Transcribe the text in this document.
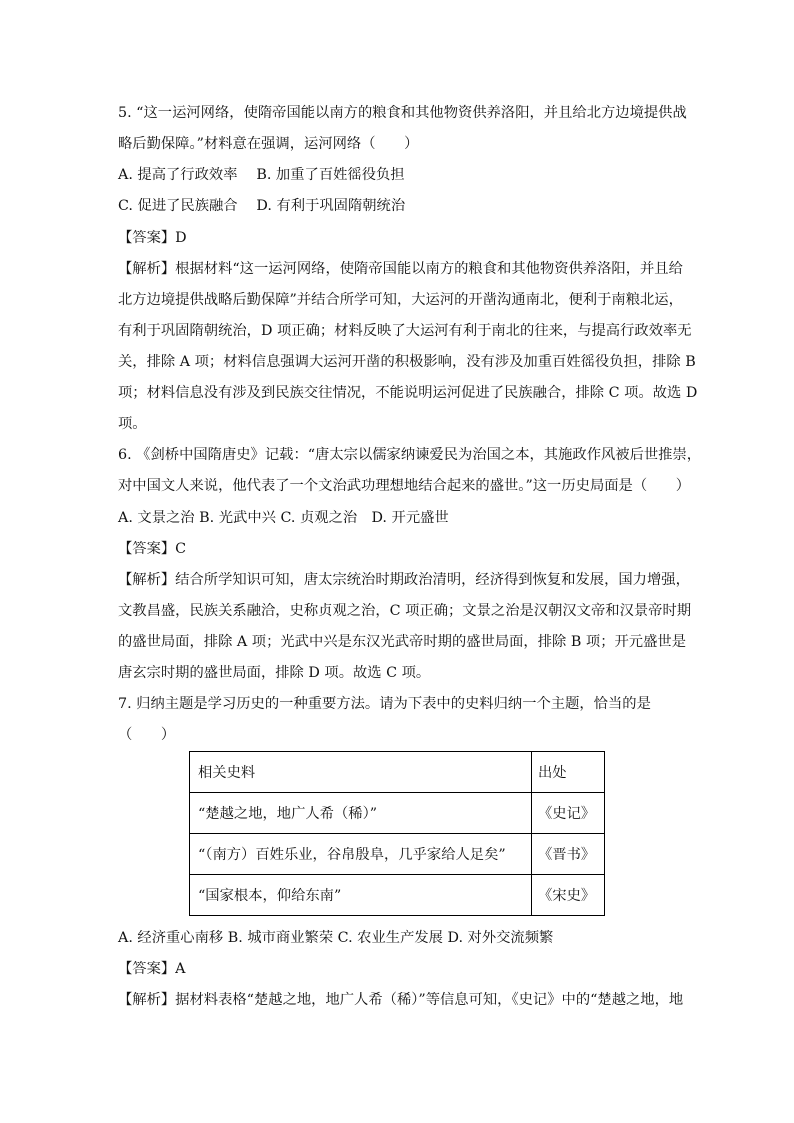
5. “这一运河网络，使隋帝国能以南方的粮食和其他物资供养洛阳，并且给北方边境提供战
略后勤保障。”材料意在强调，运河网络（　　）
A. 提高了行政效率　 B. 加重了百姓徭役负担
C. 促进了民族融合　 D. 有利于巩固隋朝统治
【答案】D
【解析】根据材料“这一运河网络，使隋帝国能以南方的粮食和其他物资供养洛阳，并且给
北方边境提供战略后勤保障”并结合所学可知，大运河的开凿沟通南北，便利于南粮北运，
有利于巩固隋朝统治，D 项正确；材料反映了大运河有利于南北的往来，与提高行政效率无
关，排除 A 项；材料信息强调大运河开凿的积极影响，没有涉及加重百姓徭役负担，排除 B
项；材料信息没有涉及到民族交往情况，不能说明运河促进了民族融合，排除 C 项。故选 D
项。
6. 《剑桥中国隋唐史》记载：“唐太宗以儒家纳谏爱民为治国之本，其施政作风被后世推崇，
对中国文人来说，他代表了一个文治武功理想地结合起来的盛世。”这一历史局面是（　　）
A. 文景之治 B. 光武中兴 C. 贞观之治　D. 开元盛世
【答案】C
【解析】结合所学知识可知，唐太宗统治时期政治清明，经济得到恢复和发展，国力增强，
文教昌盛，民族关系融洽，史称贞观之治，C 项正确；文景之治是汉朝汉文帝和汉景帝时期
的盛世局面，排除 A 项；光武中兴是东汉光武帝时期的盛世局面，排除 B 项；开元盛世是
唐玄宗时期的盛世局面，排除 D 项。故选 C 项。
7. 归纳主题是学习历史的一种重要方法。请为下表中的史料归纳一个主题，恰当的是
（　　）
相关史料	出处
“楚越之地，地广人希（稀）”	《史记》
“（南方）百姓乐业，谷帛殷阜，几乎家给人足矣”	《晋书》
“国家根本，仰给东南”	《宋史》
A. 经济重心南移 B. 城市商业繁荣 C. 农业生产发展 D. 对外交流频繁
【答案】A
【解析】据材料表格“楚越之地，地广人希（稀）”等信息可知，《史记》中的“楚越之地，地
